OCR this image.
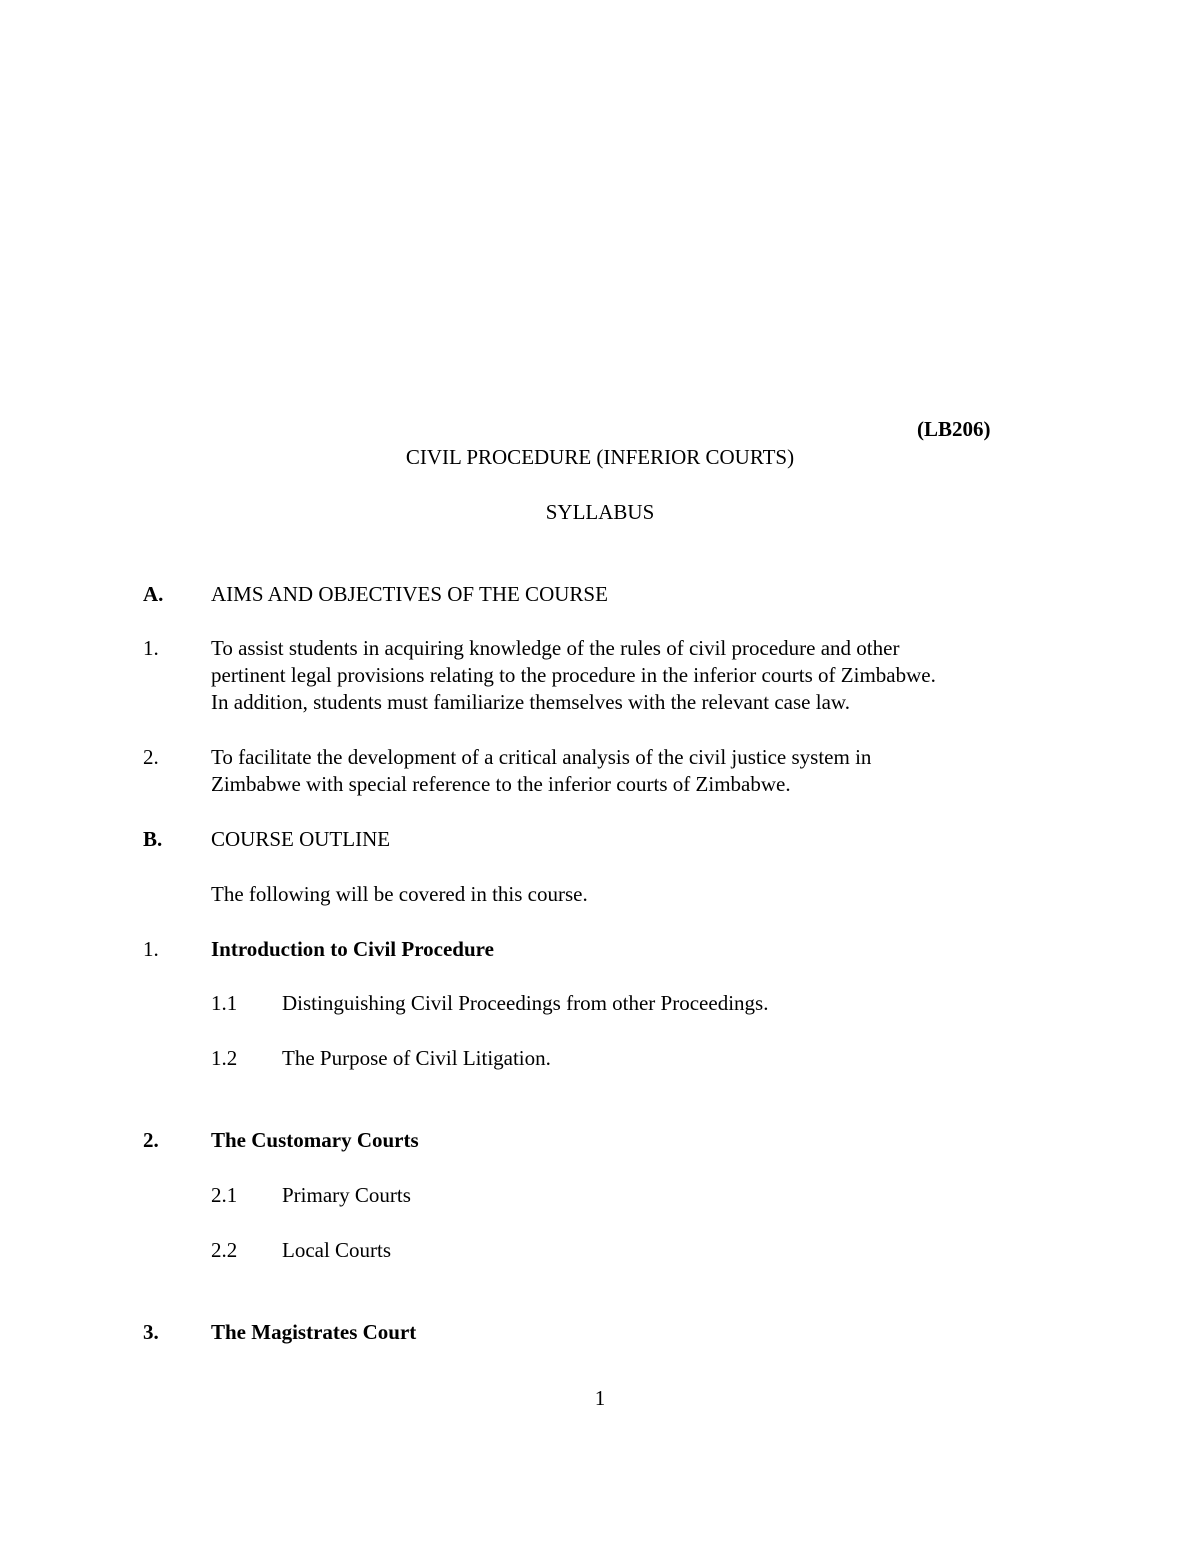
(LB206)
CIVIL PROCEDURE (INFERIOR COURTS)
SYLLABUS
A. AIMS AND OBJECTIVES OF THE COURSE
1. To assist students in acquiring knowledge of the rules of civil procedure and other
pertinent legal provisions relating to the procedure in the inferior courts of Zimbabwe.
In addition, students must familiarize themselves with the relevant case law.
2. To facilitate the development of a critical analysis of the civil justice system in
Zimbabwe with special reference to the inferior courts of Zimbabwe.
B. COURSE OUTLINE
The following will be covered in this course.
1. Introduction to Civil Procedure
1.1 Distinguishing Civil Proceedings from other Proceedings.
1.2 The Purpose of Civil Litigation.
2. The Customary Courts
2.1 Primary Courts
2.2 Local Courts
3. The Magistrates Court
1
